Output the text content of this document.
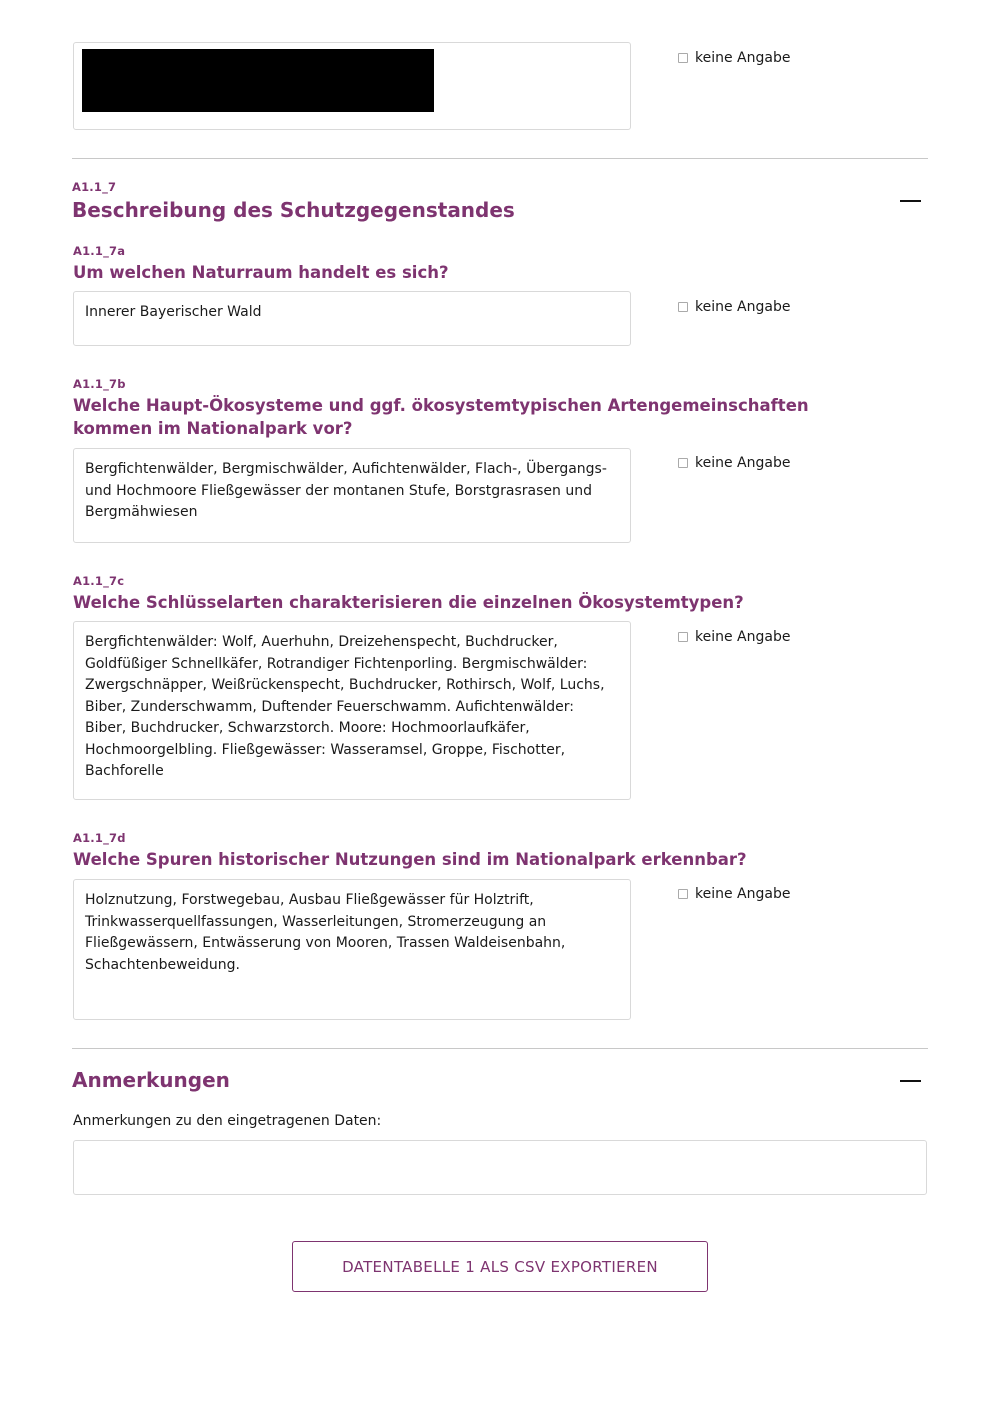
keine Angabe
A1.1_7
Beschreibung des Schutzgegenstandes
A1.1_7a
Um welchen Naturraum handelt es sich?
Innerer Bayerischer Wald	keine Angabe
A1.1_7b
Welche Haupt-Ökosysteme und ggf. ökosystemtypischen Artengemeinschaften kommen im Nationalpark vor?
Bergfichtenwälder, Bergmischwälder, Aufichtenwälder, Flach-, Übergangs- und Hochmoore Fließgewässer der montanen Stufe, Borstgrasrasen und Bergmähwiesen
keine Angabe
A1.1_7c
Welche Schlüsselarten charakterisieren die einzelnen Ökosystemtypen?
Bergfichtenwälder: Wolf, Auerhuhn, Dreizehenspecht, Buchdrucker, Goldfüßiger Schnellkäfer, Rotrandiger Fichtenporling. Bergmischwälder: Zwergschnäpper, Weißrückenspecht, Buchdrucker, Rothirsch, Wolf, Luchs, Biber, Zunderschwamm, Duftender Feuerschwamm. Aufichtenwälder: Biber, Buchdrucker, Schwarzstorch. Moore: Hochmoorlaufkäfer, Hochmoorgelbling. Fließgewässer: Wasseramsel, Groppe, Fischotter, Bachforelle
keine Angabe
A1.1_7d
Welche Spuren historischer Nutzungen sind im Nationalpark erkennbar?
Holznutzung, Forstwegebau, Ausbau Fließgewässer für Holztrift, Trinkwasserquellfassungen, Wasserleitungen, Stromerzeugung an Fließgewässern, Entwässerung von Mooren, Trassen Waldeisenbahn, Schachtenbeweidung.
keine Angabe
Anmerkungen
Anmerkungen zu den eingetragenen Daten:
DATENTABELLE 1 ALS CSV EXPORTIEREN
